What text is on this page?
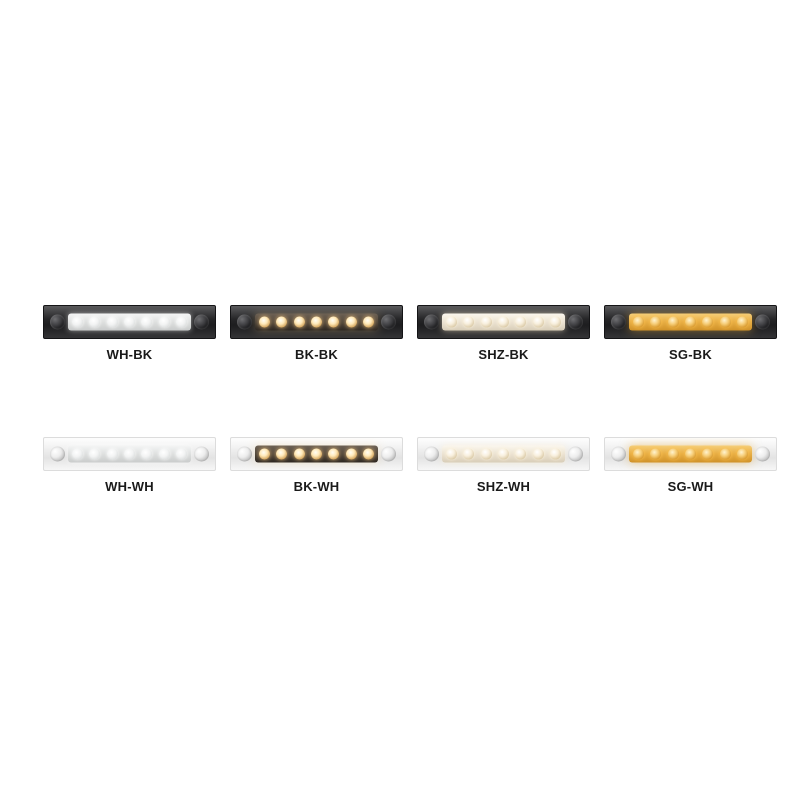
WH-BK	BK-BK	SHZ-BK	SG-BK
WH-WH	BK-WH	SHZ-WH	SG-WH
